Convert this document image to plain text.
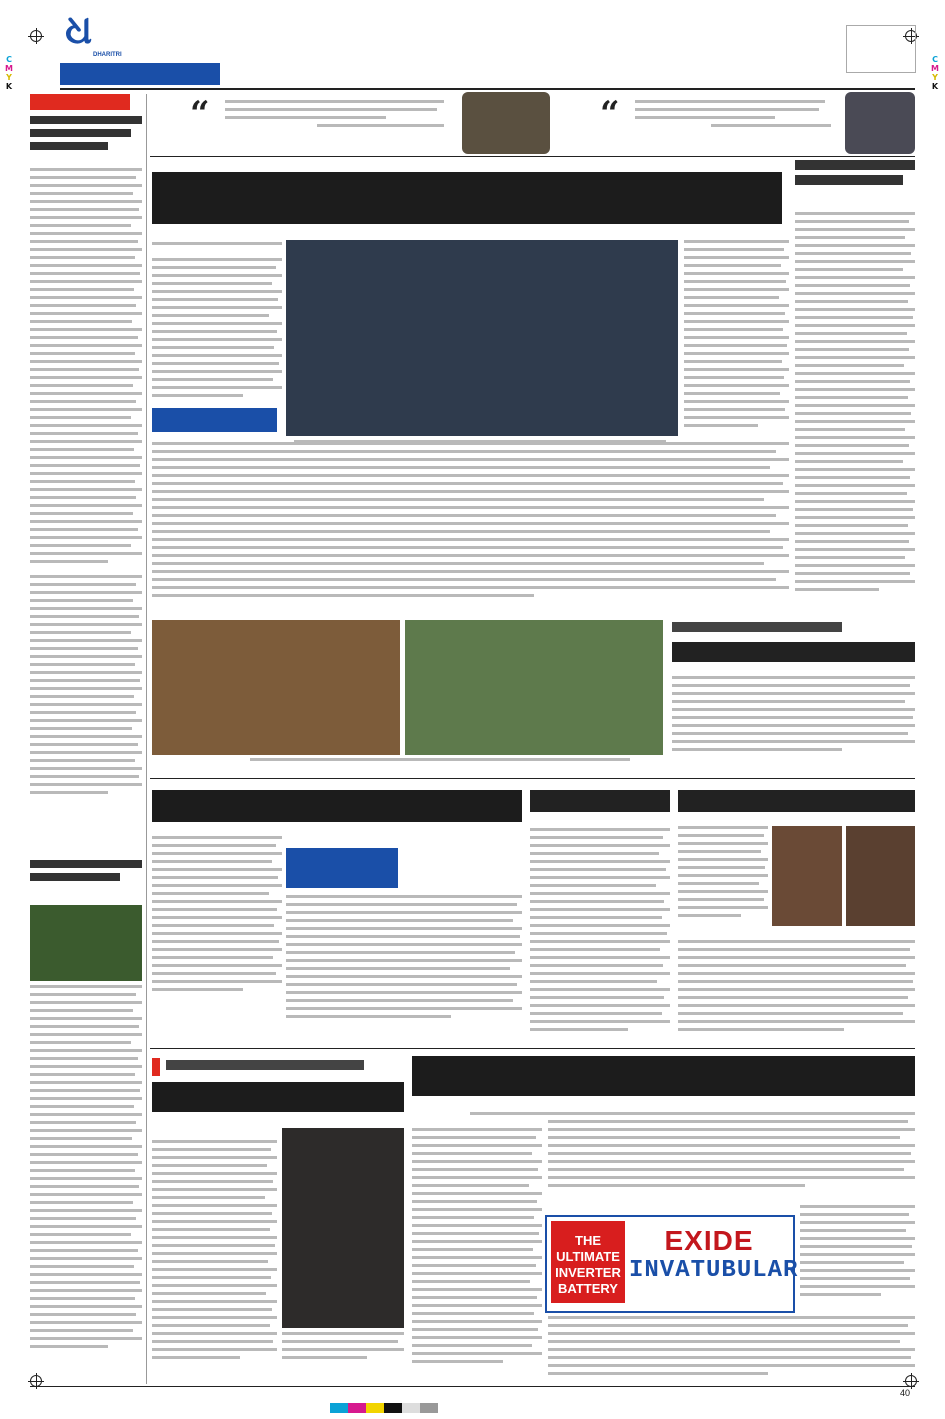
C
M
Y
K
C
M
Y
K
ଧ
DHARITRI
“	“
THE
ULTIMATE
INVERTER
BATTERY
EXIDE
INVATUBULAR
40
